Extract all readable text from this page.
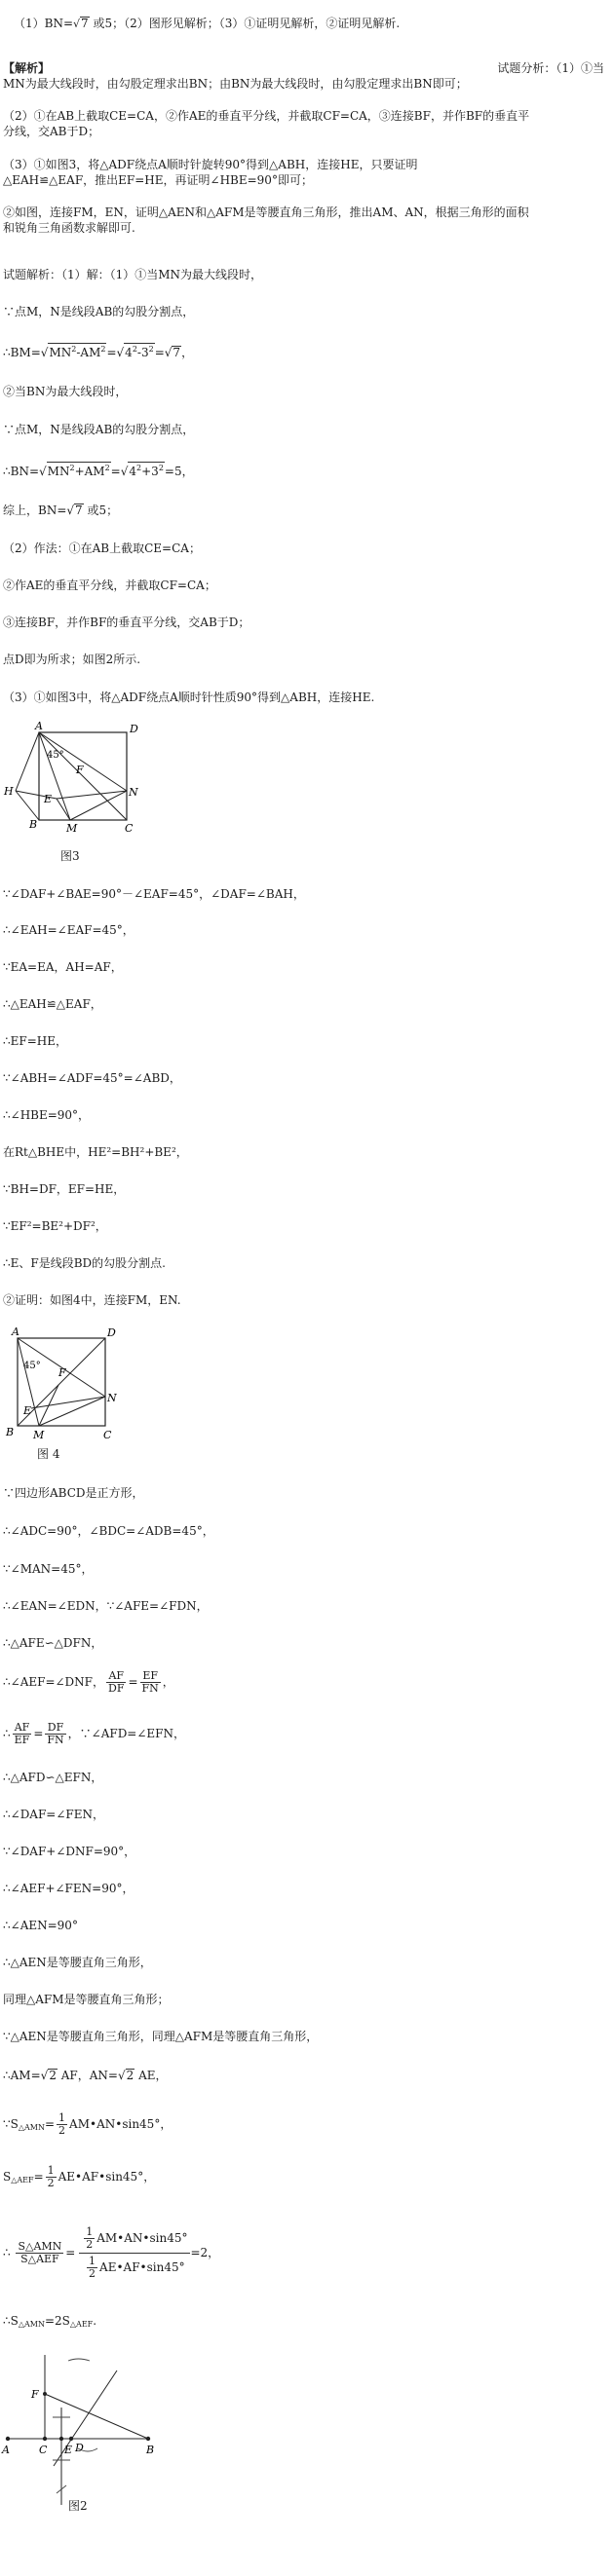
（1）BN=√7 或5；（2）图形见解析；（3）①证明见解析，②证明见解析.
【解析】	试题分析：（1）①当
MN为最大线段时，由勾股定理求出BN；由BN为最大线段时，由勾股定理求出BN即可；
（2）①在AB上截取CE=CA，②作AE的垂直平分线，并截取CF=CA，③连接BF，并作BF的垂直平
分线，交AB于D；
（3）①如图3，将△ADF绕点A顺时针旋转90°得到△ABH，连接HE，只要证明
△EAH≌△EAF，推出EF=HE，再证明∠HBE=90°即可；
②如图，连接FM，EN，证明△AEN和△AFM是等腰直角三角形，推出AM、AN，根据三角形的面积
和锐角三角函数求解即可.
试题解析：（1）解：（1）①当MN为最大线段时，
∵点M，N是线段AB的勾股分割点，
$\therefore BM=√MN^2-AM^2=√4^2-3^2=√7$，
②当BN为最大线段时，
∵点M，N是线段AB的勾股分割点，
$\therefore BN=√MN^2+AM^2=√4^2+3^2=5$，
综上，BN=√7 或5；
（2）作法：①在AB上截取CE=CA；
②作AE的垂直平分线，并截取CF=CA；
③连接BF，并作BF的垂直平分线，交AB于D；
点D即为所求；如图2所示.
（3）①如图3中，将△ADF绕点A顺时针性质90°得到△ABH，连接HE.
A	D
45°
F
N
H
E
B	M	C
图3
∵∠DAF+∠BAE=90°－∠EAF=45°，∠DAF=∠BAH，
∴∠EAH=∠EAF=45°，
∵EA=EA，AH=AF，
∴△EAH≌△EAF，
∴EF=HE，
∵∠ABH=∠ADF=45°=∠ABD，
∴∠HBE=90°，
在Rt△BHE中，HE²=BH²+BE²，
∵BH=DF，EF=HE，
∵EF²=BE²+DF²，
∴E、F是线段BD的勾股分割点.
②证明：如图4中，连接FM，EN.
A	D
F
45°
N
E
B M	C
图 4
∵四边形ABCD是正方形，
∴∠ADC=90°，∠BDC=∠ADB=45°，
∵∠MAN=45°，
∴∠EAN=∠EDN，∵∠AFE=∠FDN，
∴△AFE∽△DFN，
∴∠AEF=∠DNF， $\frac{AF}{DF} = \frac{EF}{FN}$ ，
∴ $\frac{AF}{EF} = \frac{DF}{FN}$ ，∵∠AFD=∠EFN，
∴△AFD∽△EFN，
∴∠DAF=∠FEN，
∵∠DAF+∠DNF=90°，
∴∠AEF+∠FEN=90°，
∴∠AEN=90°
∴△AEN是等腰直角三角形，
同理△AFM是等腰直角三角形；
∵△AEN是等腰直角三角形，同理△AFM是等腰直角三角形，
∴AM=√2 AF，AN=√2 AE，
$\because S_{\triangle AMN}= \frac{1}{2}$ AM•AN•sin45°，
$S_{\triangle AEF}= \frac{1}{2}$ AE•AF•sin45°，
∴ $\frac{\text{S△AMN}}{\text{S△AEF}} = \frac{\frac{1}{2} AM•AN•\sin 45^\circ}{\frac{1}{2} AE•AF•\sin 45^\circ} =2$，
$\therefore S_{\triangle AMN}=2S_{\triangle AEF}$.
F
A	C E D	B
图2
